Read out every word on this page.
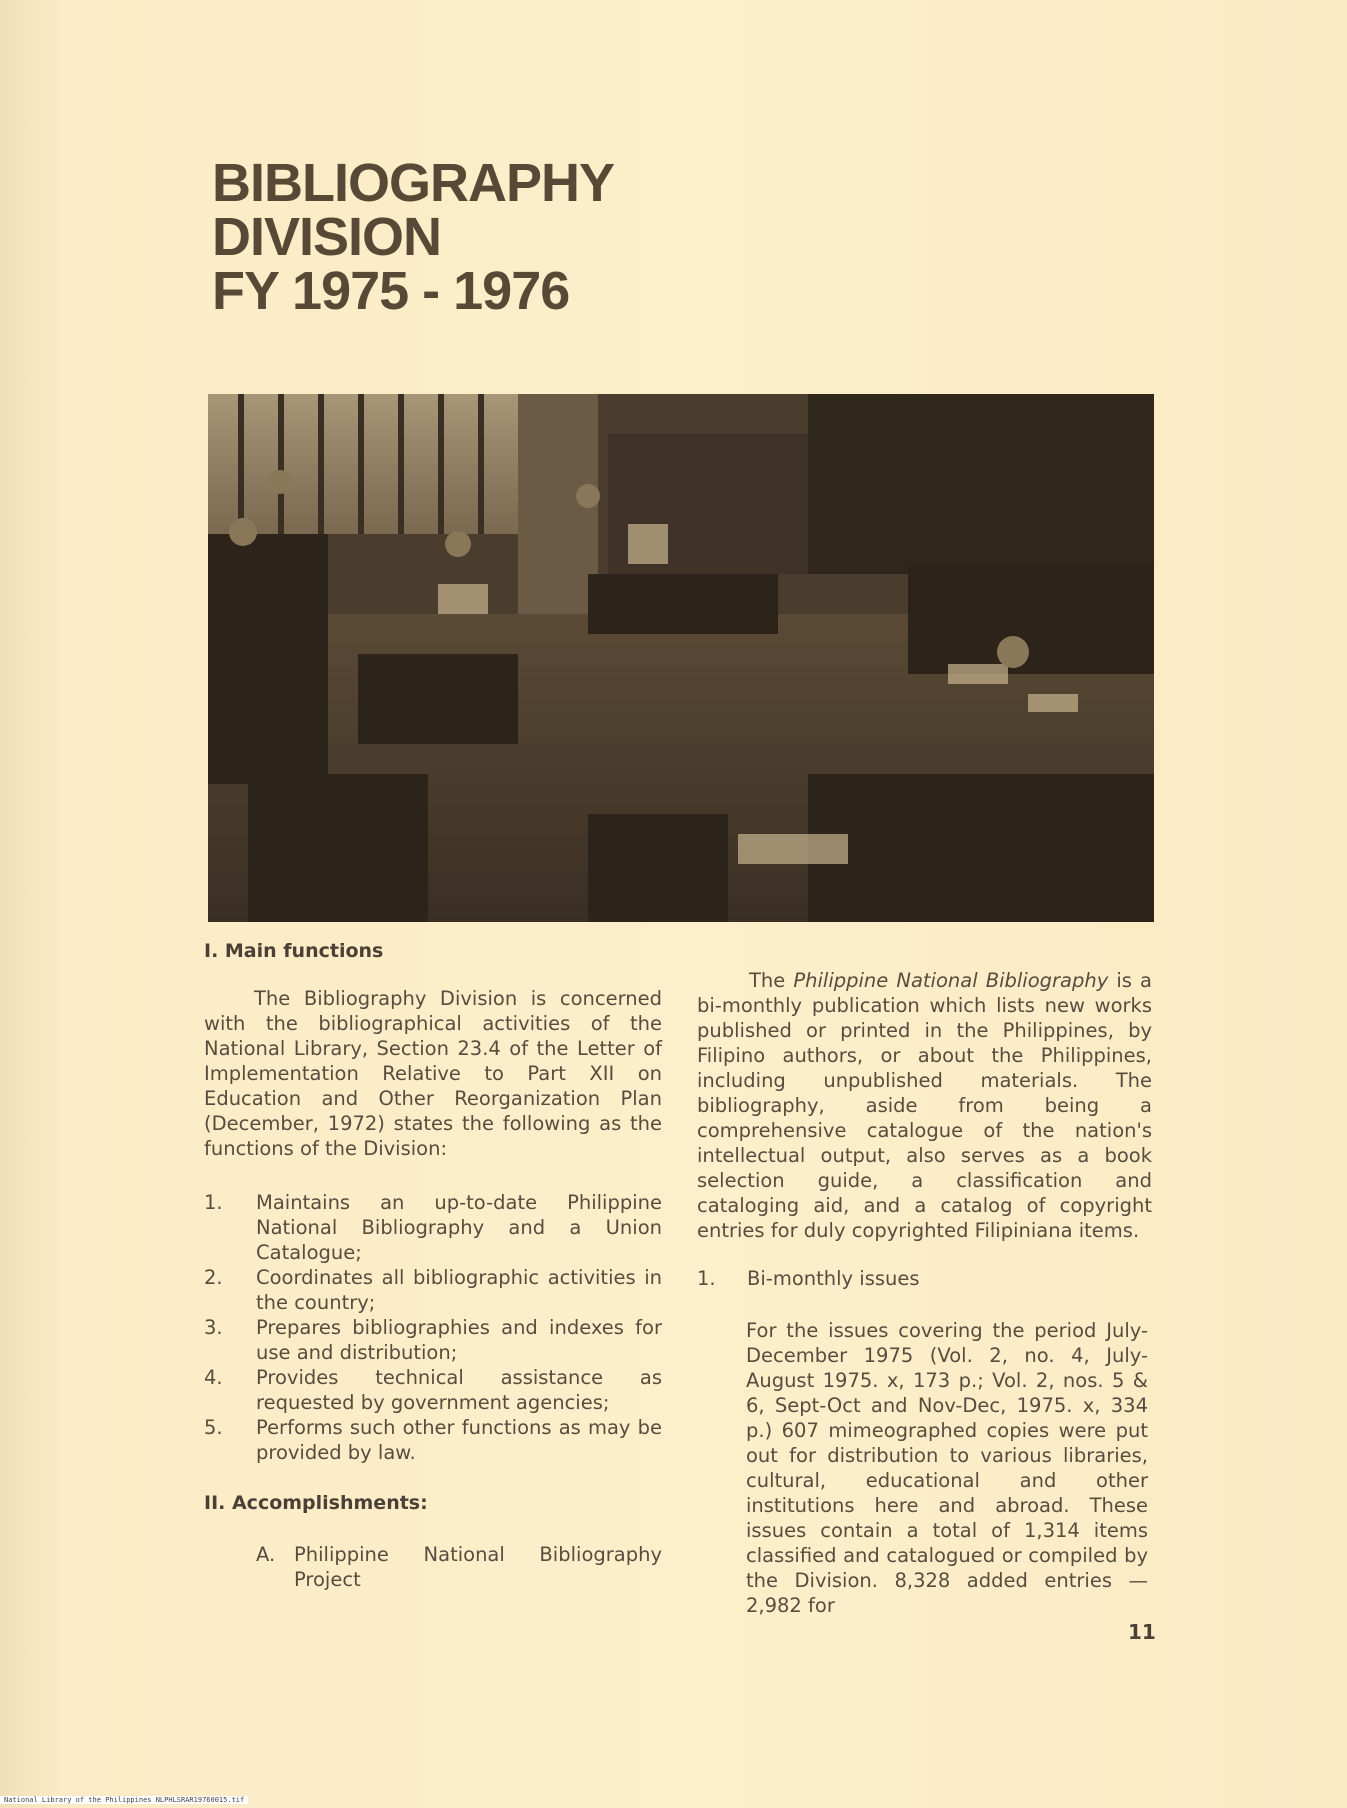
BIBLIOGRAPHY
DIVISION
FY 1975 - 1976
I. Main functions

The Bibliography Division is concerned with the bibliographical activities of the National Library, Section 23.4 of the Letter of Implementation Relative to Part XII on Education and Other Reorganization Plan (December, 1972) states the following as the functions of the Division:

1. Maintains an up-to-date Philippine National Bibliography and a Union Catalogue;
2. Coordinates all bibliographic activities in the country;
3. Prepares bibliographies and indexes for use and distribution;
4. Provides technical assistance as requested by government agencies;
5. Performs such other functions as may be provided by law.
II. Accomplishments:
A. Philippine National Bibliography Project

The Philippine National Bibliography is a bi-monthly publication which lists new works published or printed in the Philippines, by Filipino authors, or about the Philippines, including unpublished materials. The bibliography, aside from being a comprehensive catalogue of the nation's intellectual output, also serves as a book selection guide, a classification and cataloging aid, and a catalog of copyright entries for duly copyrighted Filipiniana items.

1. Bi-monthly issues

For the issues covering the period July-December 1975 (Vol. 2, no. 4, July-August 1975. x, 173 p.; Vol. 2, nos. 5 & 6, Sept-Oct and Nov-Dec, 1975. x, 334 p.) 607 mimeographed copies were put out for distribution to various libraries, cultural, educational and other institutions here and abroad. These issues contain a total of 1,314 items classified and catalogued or compiled by the Division. 8,328 added entries — 2,982 for

11
National Library of the Philippines NLPHLSRAR19760015.tif
